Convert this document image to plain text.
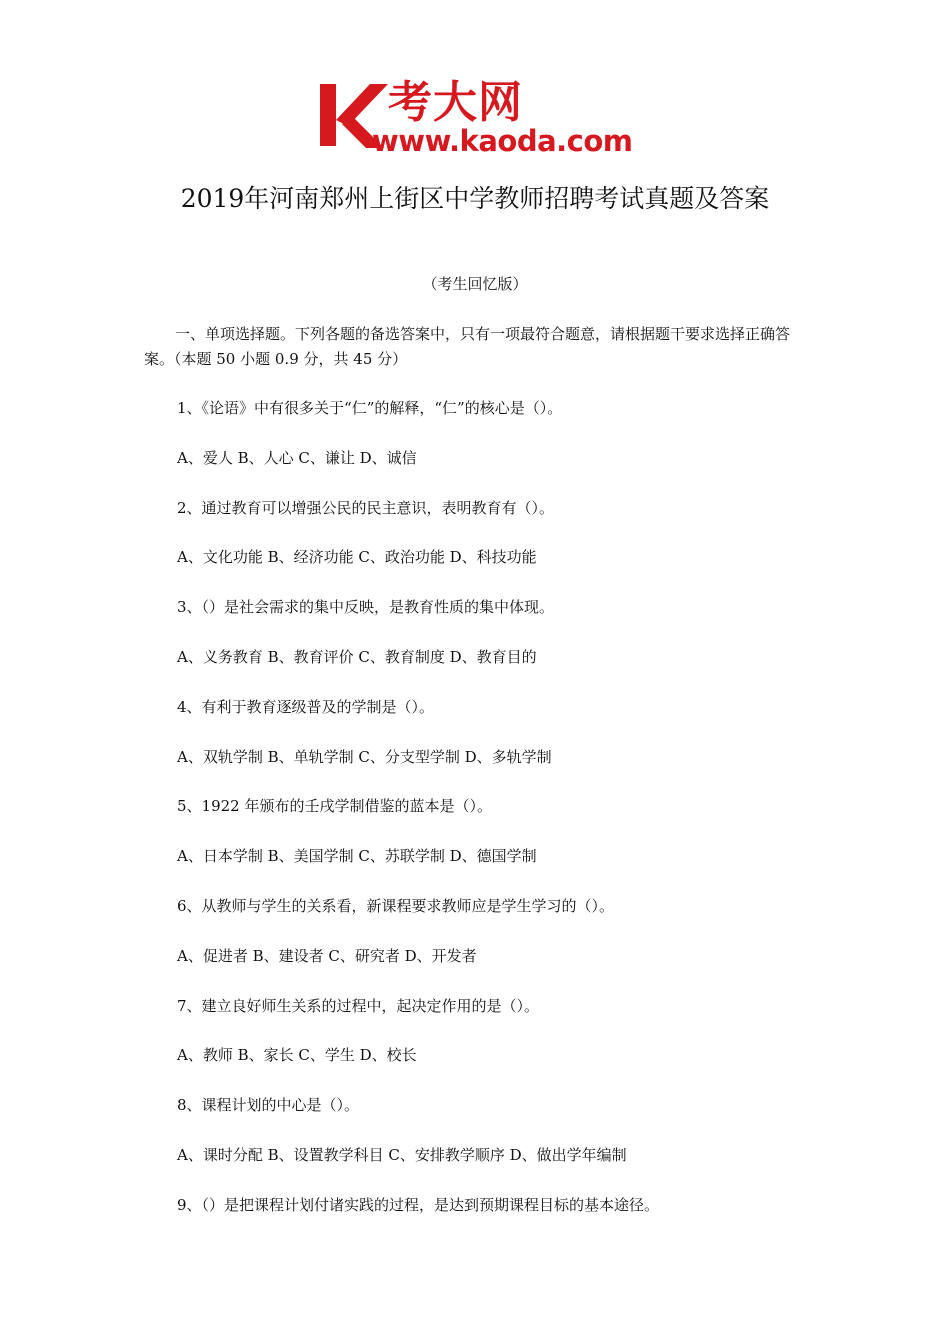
考大网
www.kaoda.com
2019年河南郑州上街区中学教师招聘考试真题及答案
（考生回忆版）
一、单项选择题。下列各题的备选答案中，只有一项最符合题意，请根据题干要求选择正确答案。（本题 50 小题 0.9 分，共 45 分）
1、《论语》中有很多关于“仁”的解释，“仁”的核心是（）。
A、爱人 B、人心 C、谦让 D、诚信
2、通过教育可以增强公民的民主意识，表明教育有（）。
A、文化功能 B、经济功能 C、政治功能 D、科技功能
3、（）是社会需求的集中反映，是教育性质的集中体现。
A、义务教育 B、教育评价 C、教育制度 D、教育目的
4、有利于教育逐级普及的学制是（）。
A、双轨学制 B、单轨学制 C、分支型学制 D、多轨学制
5、1922 年颁布的壬戌学制借鉴的蓝本是（）。
A、日本学制 B、美国学制 C、苏联学制 D、德国学制
6、从教师与学生的关系看，新课程要求教师应是学生学习的（）。
A、促进者 B、建设者 C、研究者 D、开发者
7、建立良好师生关系的过程中，起决定作用的是（）。
A、教师 B、家长 C、学生 D、校长
8、课程计划的中心是（）。
A、课时分配 B、设置教学科目 C、安排教学顺序 D、做出学年编制
9、（）是把课程计划付诸实践的过程，是达到预期课程目标的基本途径。
